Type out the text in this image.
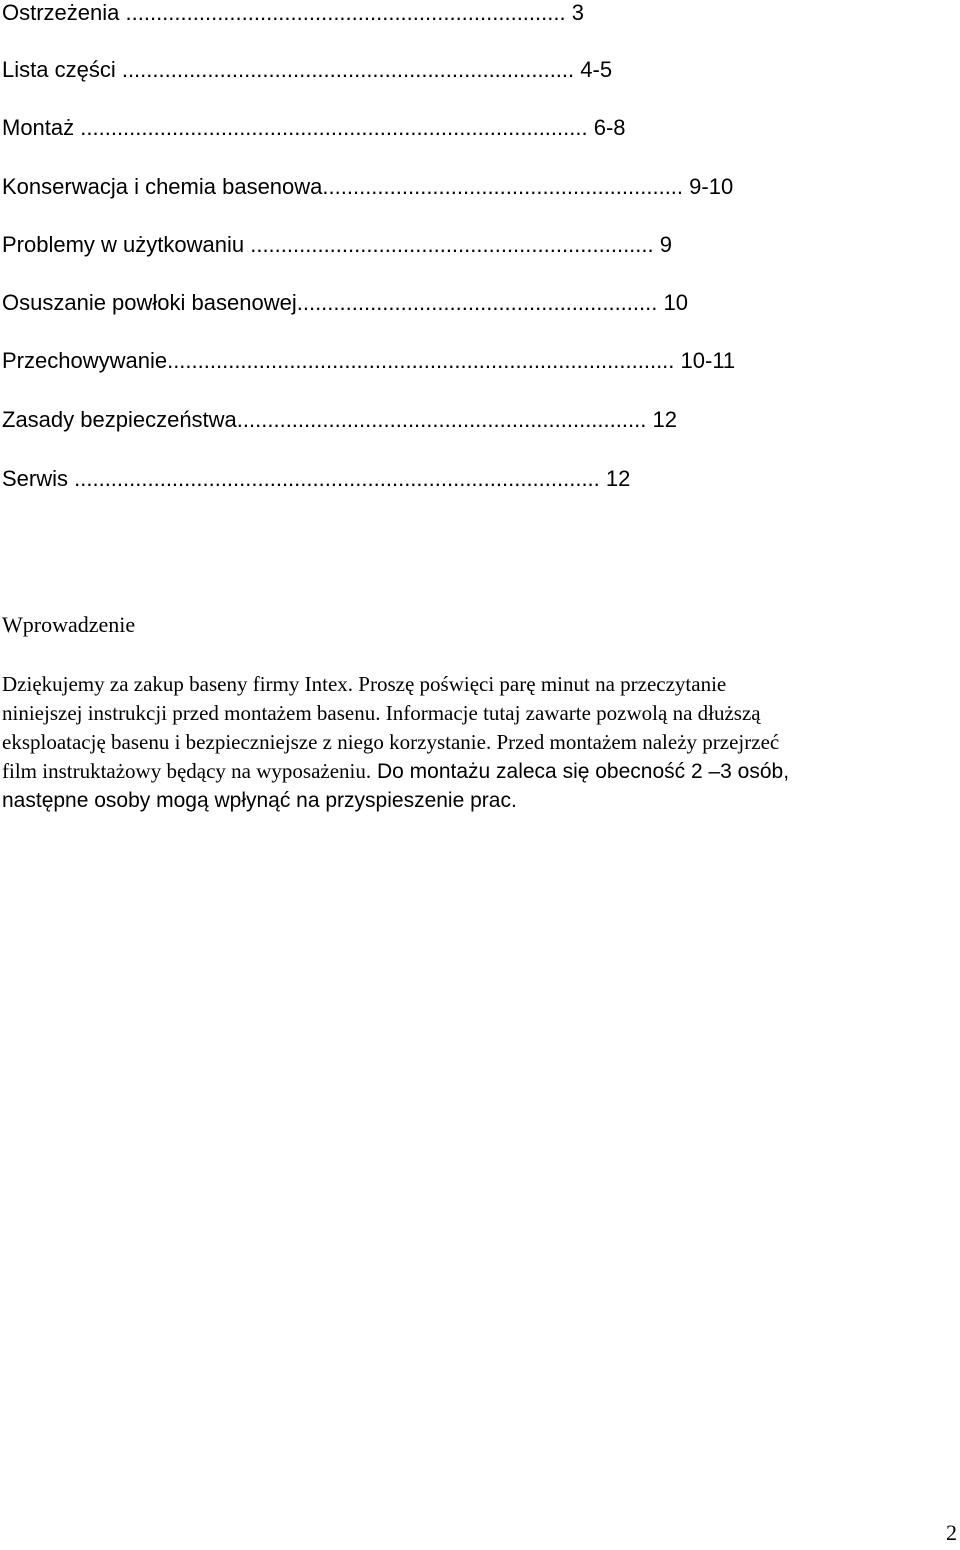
Ostrzeżenia ........................................................................ 3
Lista części .......................................................................... 4-5
Montaż ................................................................................... 6-8
Konserwacja i chemia basenowa........................................................... 9-10
Problemy w użytkowaniu .................................................................. 9
Osuszanie powłoki basenowej........................................................... 10
Przechowywanie................................................................................... 10-11
Zasady bezpieczeństwa................................................................... 12
Serwis ...................................................................................... 12
Wprowadzenie
Dziękujemy za zakup baseny firmy Intex. Proszę poświęci parę minut na przeczytanie
niniejszej instrukcji przed montażem basenu. Informacje tutaj zawarte pozwolą na dłuższą
eksploatację basenu i bezpieczniejsze z niego korzystanie. Przed montażem należy przejrzeć
film instruktażowy będący na wyposażeniu. Do montażu zaleca się obecność 2 –3 osób,
następne osoby mogą wpłynąć na przyspieszenie prac.
2
